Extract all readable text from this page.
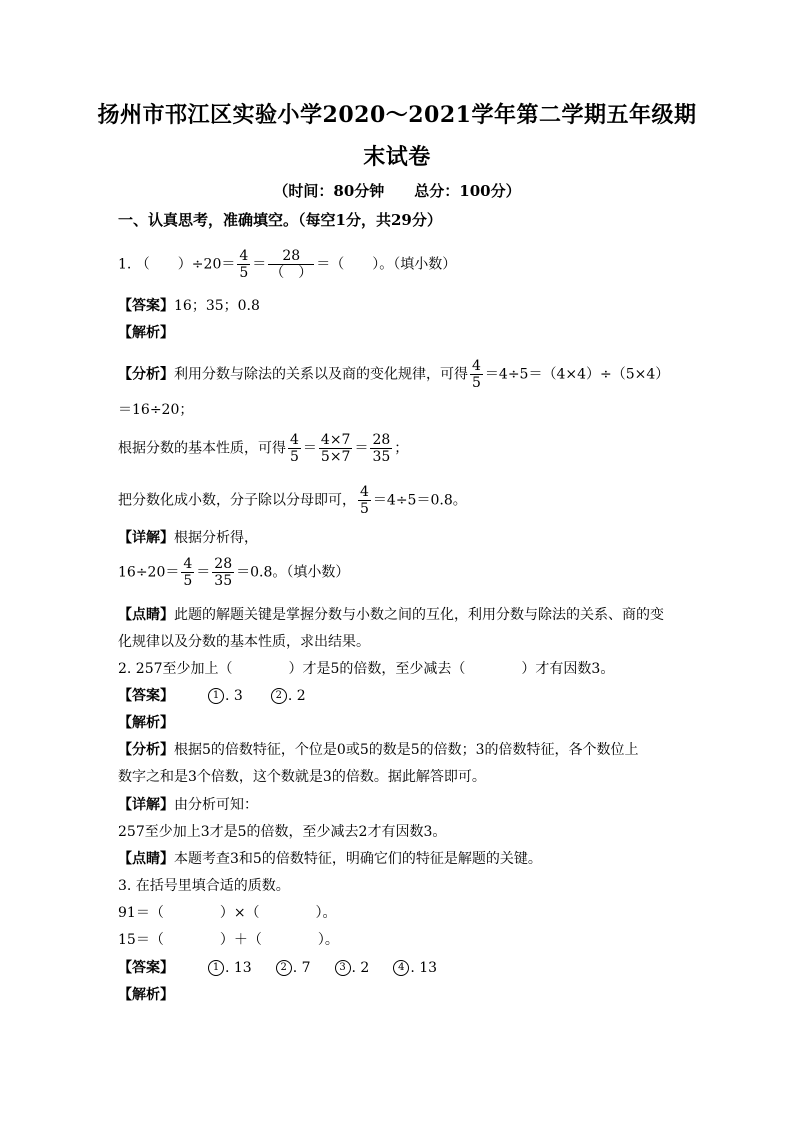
扬州市邗江区实验小学2020～2021学年第二学期五年级期
末试卷
（时间：80分钟　　总分：100分）
一、认真思考，准确填空。（每空1分，共29分）
1. （　　）$\div 20= \frac{4}{5} = \frac{28}{( )}$ ＝（　　）。（填小数）
【答案】16；35；0.8
【解析】
【分析】利用分数与除法的关系以及商的变化规律，可得 $\frac{4}{5} =4\div 5=(4\times 4)\div(5\times 4)$
＝16÷20；
根据分数的基本性质，可得 $\frac{4}{5} = \frac{4\times 7}{5\times 7} = \frac{28}{35}$ ；
把分数化成小数，分子除以分母即可， $\frac{4}{5} =4\div 5=0.8$。
【详解】根据分析得，
$16\div 20= \frac{4}{5} = \frac{28}{35} =0.8$。（填小数）
【点睛】此题的解题关键是掌握分数与小数之间的互化，利用分数与除法的关系、商的变
化规律以及分数的基本性质，求出结果。
2. 257至少加上（　　　　）才是5的倍数，至少减去（　　　　）才有因数3。
【答案】	1 . 3	2 . 2
【解析】
【分析】根据5的倍数特征，个位是0或5的数是5的倍数；3的倍数特征，各个数位上
数字之和是3个倍数，这个数就是3的倍数。据此解答即可。
【详解】由分析可知：
257至少加上3才是5的倍数，至少减去2才有因数3。
【点睛】本题考查3和5的倍数特征，明确它们的特征是解题的关键。
3. 在括号里填合适的质数。
91＝（　　　　）×（　　　　）。
15＝（　　　　）＋（　　　　）。
【答案】	1 . 13	2 . 7	3 . 2	4 . 13
【解析】
